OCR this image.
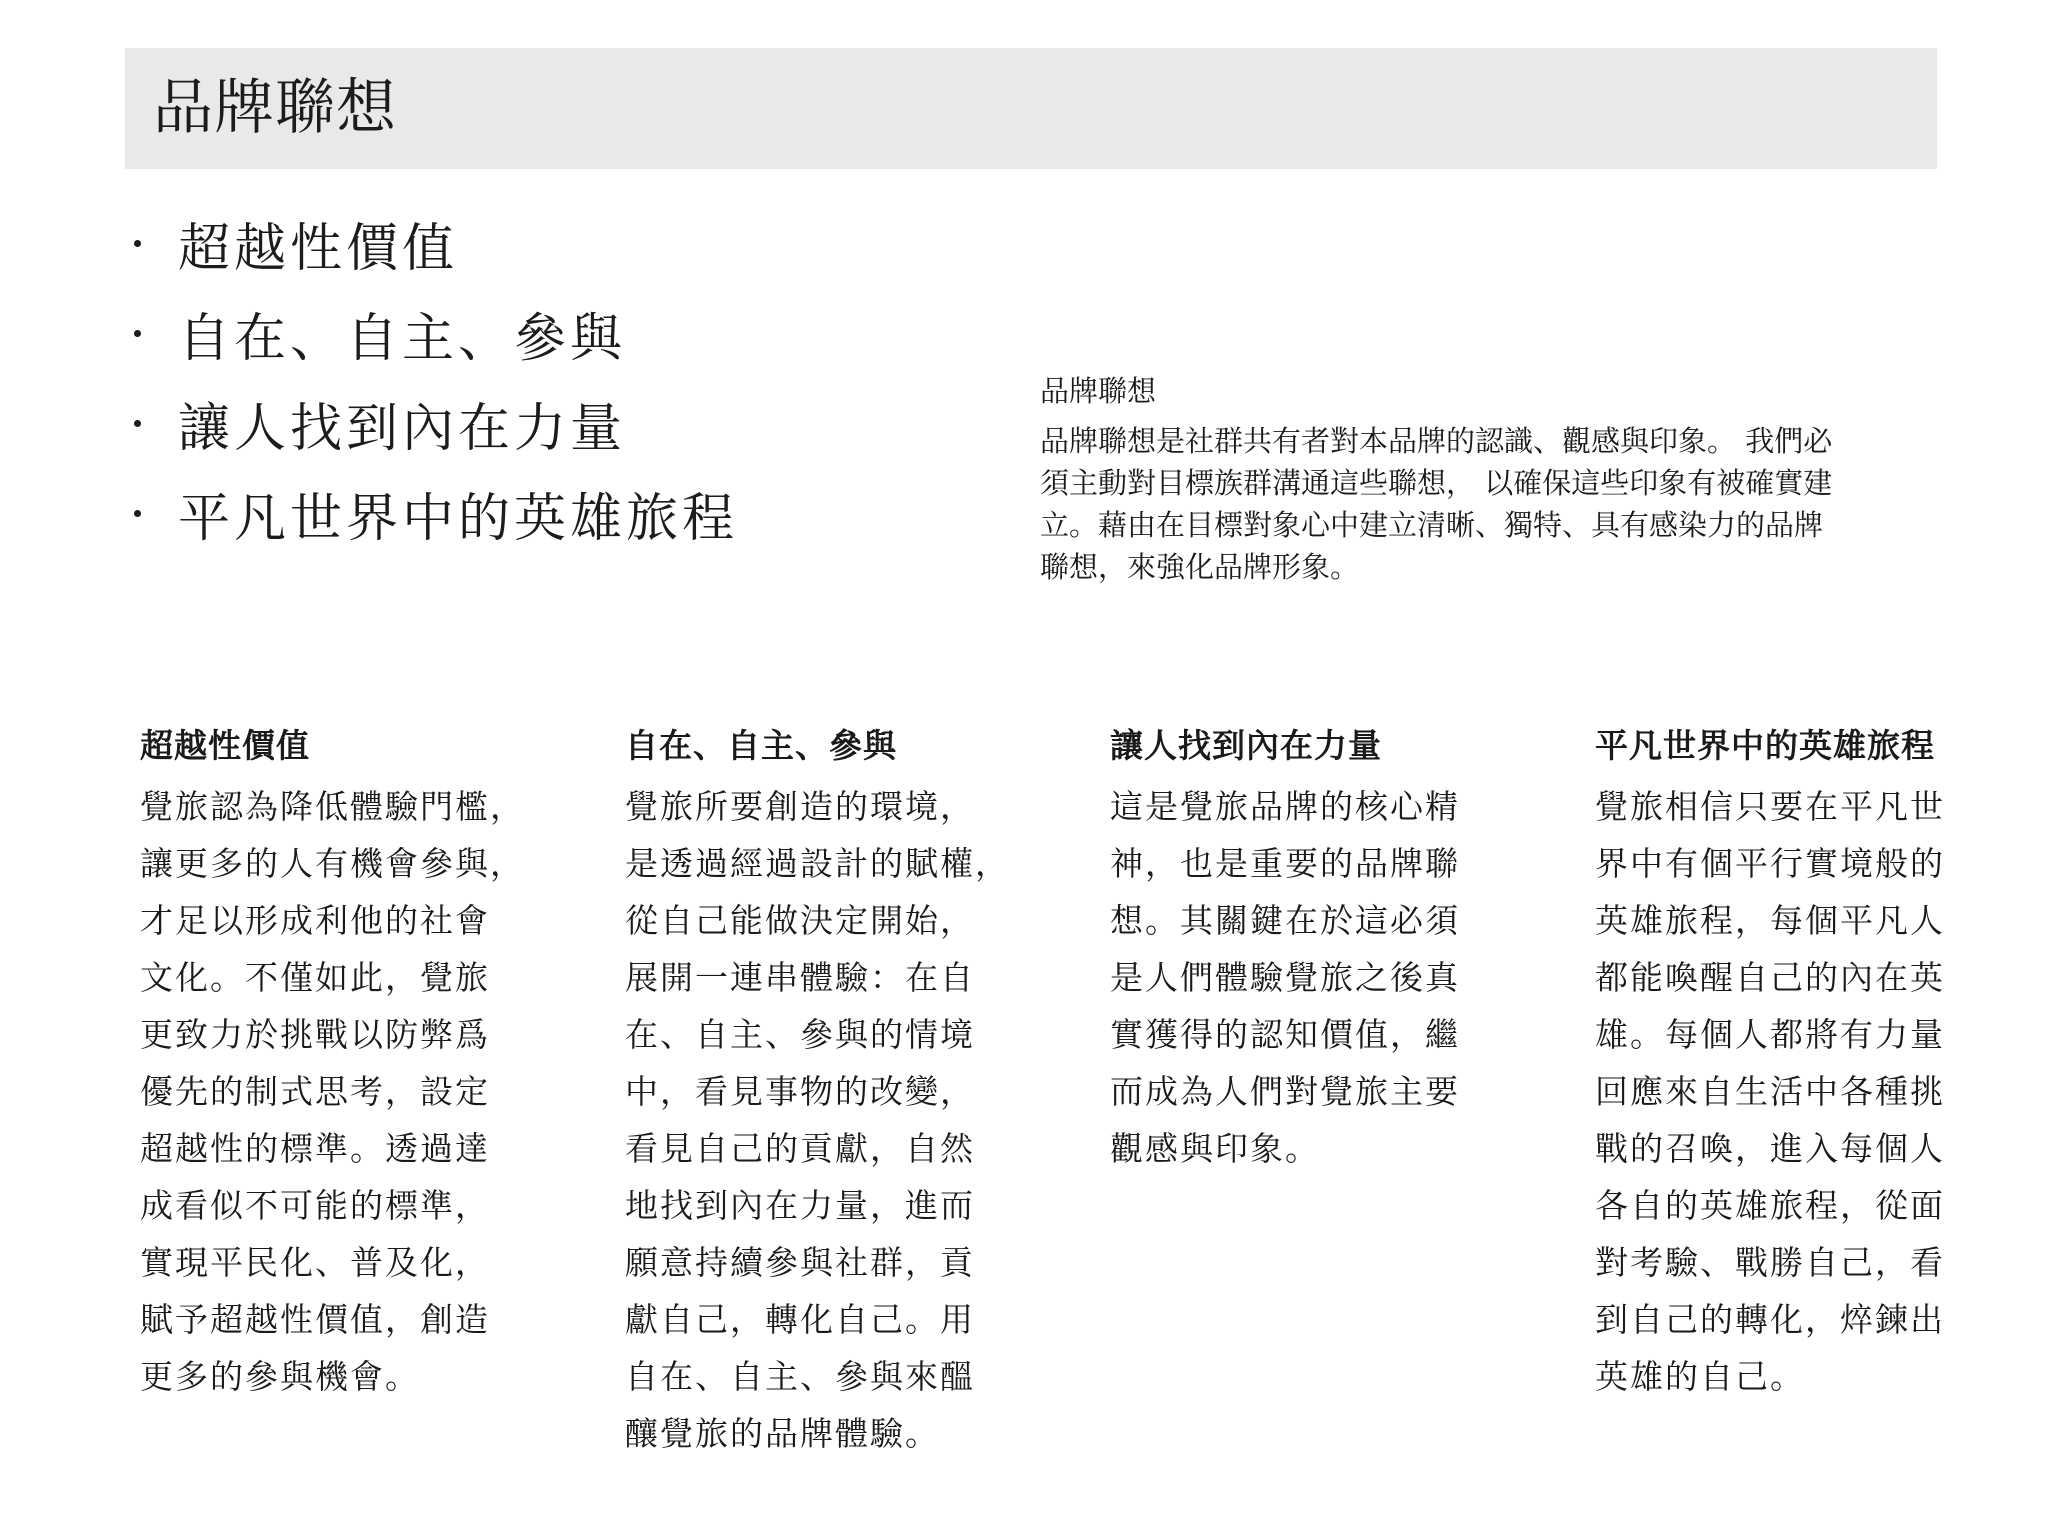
品牌聯想
超越性價值
自在、自主、參與
讓人找到內在力量
平凡世界中的英雄旅程
品牌聯想

品牌聯想是社群共有者對本品牌的認識、觀感與印象。 我們必
須主動對目標族群溝通這些聯想， 以確保這些印象有被確實建
立。藉由在目標對象心中建立清晰、獨特、具有感染力的品牌
聯想，來強化品牌形象。

超越性價值
覺旅認為降低體驗門檻，
讓更多的人有機會參與，
才足以形成利他的社會
文化。不僅如此，覺旅
更致力於挑戰以防弊爲
優先的制式思考，設定
超越性的標準。透過達
成看似不可能的標準，
實現平民化、普及化，
賦予超越性價值，創造
更多的參與機會。
自在、自主、參與
覺旅所要創造的環境，
是透過經過設計的賦權，
從自己能做決定開始，
展開一連串體驗：在自
在、自主、參與的情境
中，看見事物的改變，
看見自己的貢獻，自然
地找到內在力量，進而
願意持續參與社群，貢
獻自己，轉化自己。用
自在、自主、參與來醞
釀覺旅的品牌體驗。
讓人找到內在力量
這是覺旅品牌的核心精
神，也是重要的品牌聯
想。其關鍵在於這必須
是人們體驗覺旅之後真
實獲得的認知價值，繼
而成為人們對覺旅主要
觀感與印象。
平凡世界中的英雄旅程
覺旅相信只要在平凡世
界中有個平行實境般的
英雄旅程，每個平凡人
都能喚醒自己的內在英
雄。每個人都將有力量
回應來自生活中各種挑
戰的召喚，進入每個人
各自的英雄旅程，從面
對考驗、戰勝自己，看
到自己的轉化，焠鍊出
英雄的自己。
